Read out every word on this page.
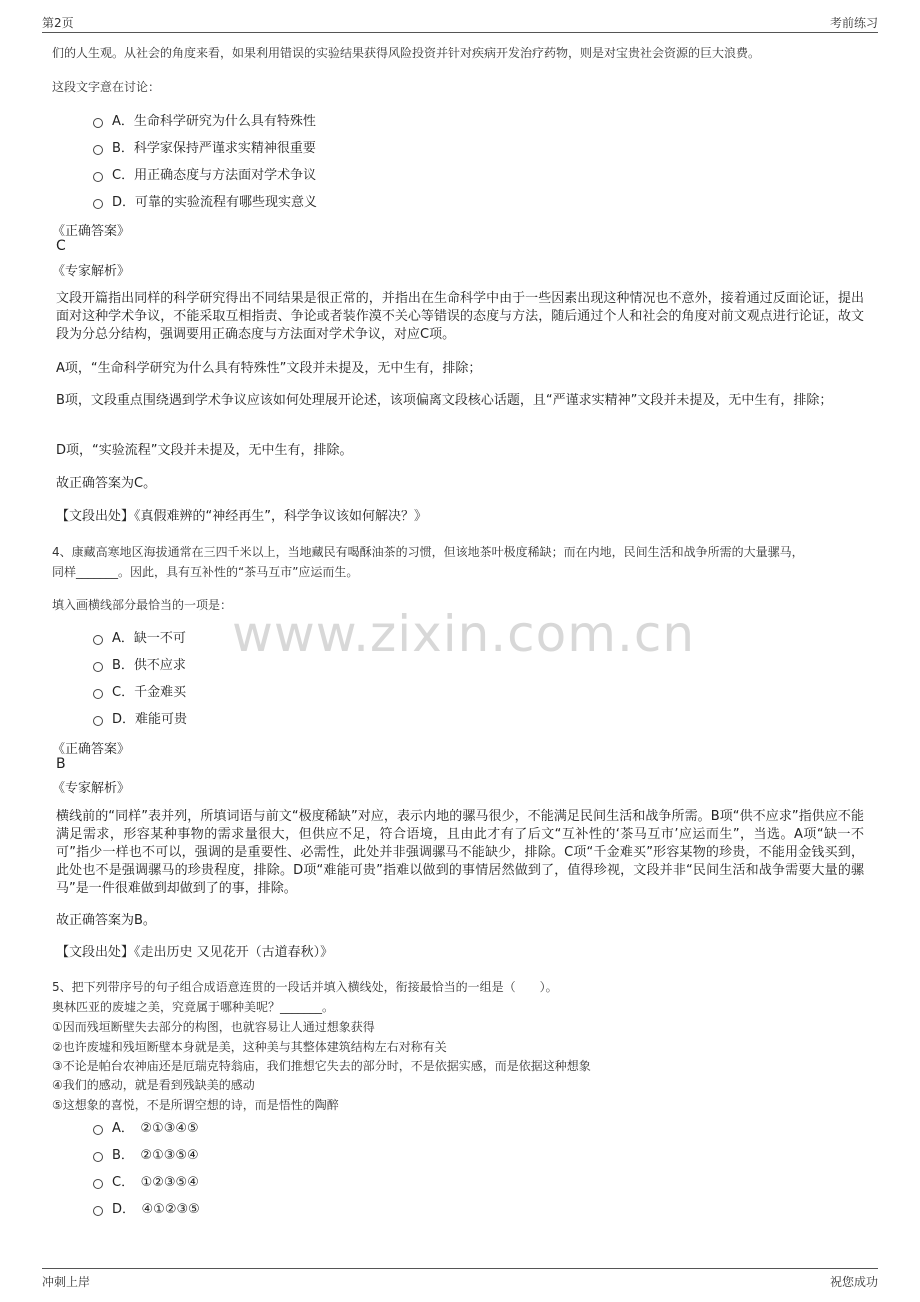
第2页	考前练习
www.zixin.com.cn
们的人生观。从社会的角度来看，如果利用错误的实验结果获得风险投资并针对疾病开发治疗药物，则是对宝贵社会资源的巨大浪费。
这段文字意在讨论：
A．生命科学研究为什么具有特殊性
B．科学家保持严谨求实精神很重要
C．用正确态度与方法面对学术争议
D．可靠的实验流程有哪些现实意义
《正确答案》
C
《专家解析》
文段开篇指出同样的科学研究得出不同结果是很正常的，并指出在生命科学中由于一些因素出现这种情况也不意外，接着通过反面论证，提出面对这种学术争议，不能采取互相指责、争论或者装作漠不关心等错误的态度与方法，随后通过个人和社会的角度对前文观点进行论证，故文段为分总分结构，强调要用正确态度与方法面对学术争议，对应C项。
A项，“生命科学研究为什么具有特殊性”文段并未提及，无中生有，排除；
B项，文段重点围绕遇到学术争议应该如何处理展开论述，该项偏离文段核心话题，且“严谨求实精神”文段并未提及，无中生有，排除；
D项，“实验流程”文段并未提及，无中生有，排除。
故正确答案为C。
【文段出处】《真假难辨的“神经再生”，科学争议该如何解决？》
4、康藏高寒地区海拔通常在三四千米以上，当地藏民有喝酥油茶的习惯，但该地茶叶极度稀缺；而在内地，民间生活和战争所需的大量骡马，
同样_______。因此，具有互补性的“茶马互市”应运而生。
填入画横线部分最恰当的一项是：
A．缺一不可
B．供不应求
C．千金难买
D．难能可贵
《正确答案》
B
《专家解析》
横线前的“同样”表并列，所填词语与前文“极度稀缺”对应，表示内地的骡马很少，不能满足民间生活和战争所需。B项“供不应求”指供应不能满足需求，形容某种事物的需求量很大，但供应不足，符合语境，且由此才有了后文“互补性的‘茶马互市’应运而生”，当选。A项“缺一不可”指少一样也不可以，强调的是重要性、必需性，此处并非强调骡马不能缺少，排除。C项“千金难买”形容某物的珍贵，不能用金钱买到，此处也不是强调骡马的珍贵程度，排除。D项“难能可贵”指难以做到的事情居然做到了，值得珍视，文段并非“民间生活和战争需要大量的骡马”是一件很难做到却做到了的事，排除。
故正确答案为B。
【文段出处】《走出历史 又见花开（古道春秋）》
5、把下列带序号的句子组合成语意连贯的一段话并填入横线处，衔接最恰当的一组是（　　）。
奥林匹亚的废墟之美，究竟属于哪种美呢？_______。
①因而残垣断壁失去部分的构图，也就容易让人通过想象获得
②也许废墟和残垣断壁本身就是美，这种美与其整体建筑结构左右对称有关
③不论是帕台农神庙还是厄瑞克特翁庙，我们推想它失去的部分时，不是依据实感，而是依据这种想象
④我们的感动，就是看到残缺美的感动
⑤这想象的喜悦，不是所谓空想的诗，而是悟性的陶醉
A．　②①③④⑤
B．　②①③⑤④
C．　①②③⑤④
D．　④①②③⑤
冲刺上岸	祝您成功
